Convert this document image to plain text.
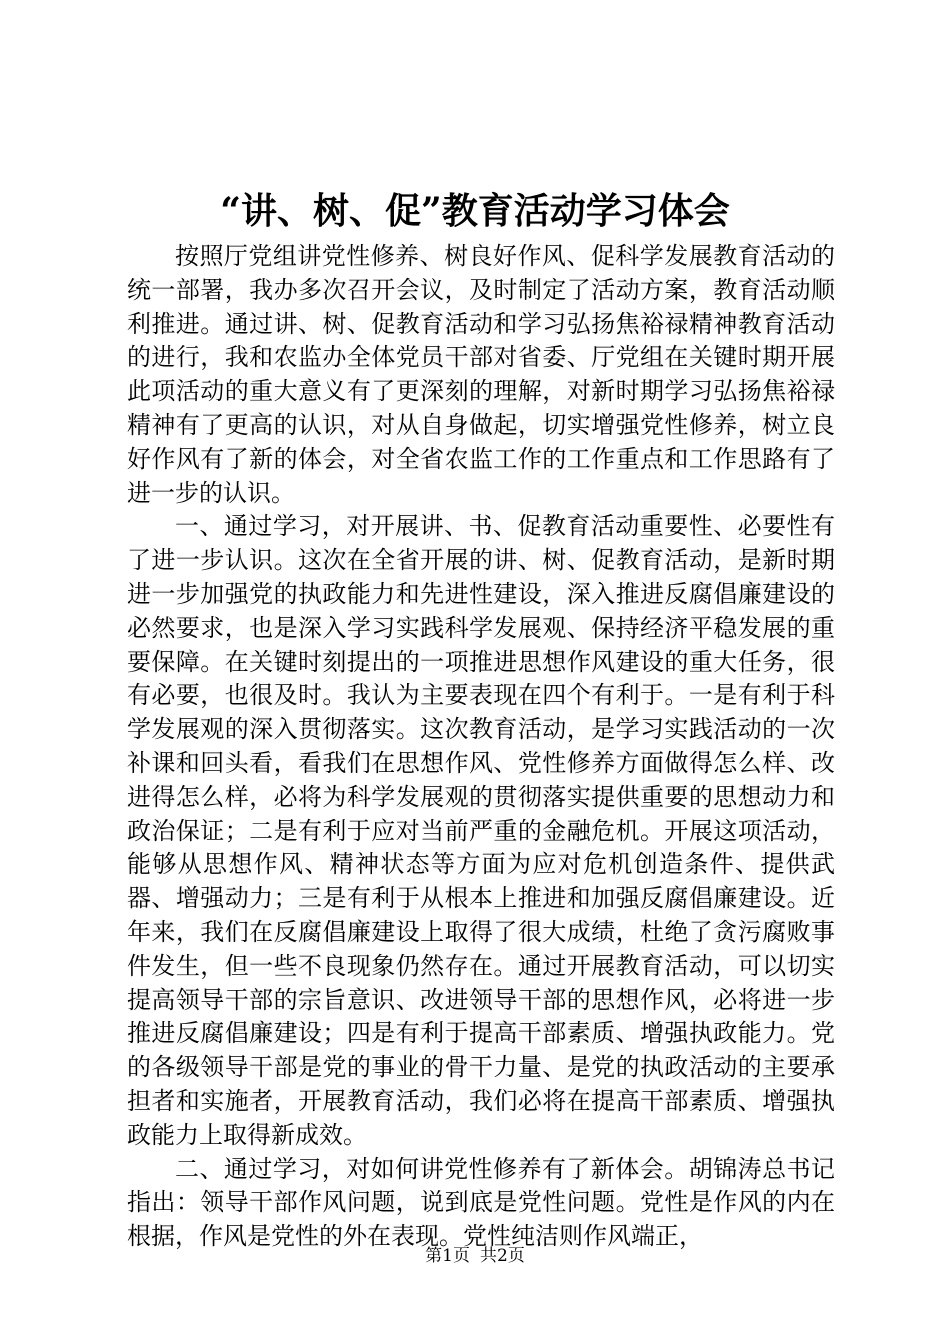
“讲、树、促”教育活动学习体会

按照厅党组讲党性修养、树良好作风、促科学发展教育活动的统一部署，我办多次召开会议，及时制定了活动方案，教育活动顺利推进。通过讲、树、促教育活动和学习弘扬焦裕禄精神教育活动的进行，我和农监办全体党员干部对省委、厅党组在关键时期开展此项活动的重大意义有了更深刻的理解，对新时期学习弘扬焦裕禄精神有了更高的认识，对从自身做起，切实增强党性修养，树立良好作风有了新的体会，对全省农监工作的工作重点和工作思路有了进一步的认识。

一、通过学习，对开展讲、书、促教育活动重要性、必要性有了进一步认识。这次在全省开展的讲、树、促教育活动，是新时期进一步加强党的执政能力和先进性建设，深入推进反腐倡廉建设的必然要求，也是深入学习实践科学发展观、保持经济平稳发展的重要保障。在关键时刻提出的一项推进思想作风建设的重大任务，很有必要，也很及时。我认为主要表现在四个有利于。一是有利于科学发展观的深入贯彻落实。这次教育活动，是学习实践活动的一次补课和回头看，看我们在思想作风、党性修养方面做得怎么样、改进得怎么样，必将为科学发展观的贯彻落实提供重要的思想动力和政治保证；二是有利于应对当前严重的金融危机。开展这项活动，能够从思想作风、精神状态等方面为应对危机创造条件、提供武器、增强动力；三是有利于从根本上推进和加强反腐倡廉建设。近年来，我们在反腐倡廉建设上取得了很大成绩，杜绝了贪污腐败事件发生，但一些不良现象仍然存在。通过开展教育活动，可以切实提高领导干部的宗旨意识、改进领导干部的思想作风，必将进一步推进反腐倡廉建设；四是有利于提高干部素质、增强执政能力。党的各级领导干部是党的事业的骨干力量、是党的执政活动的主要承担者和实施者，开展教育活动，我们必将在提高干部素质、增强执政能力上取得新成效。

二、通过学习，对如何讲党性修养有了新体会。胡锦涛总书记指出：领导干部作风问题，说到底是党性问题。党性是作风的内在根据，作风是党性的外在表现。党性纯洁则作风端正，

第1页 共2页
